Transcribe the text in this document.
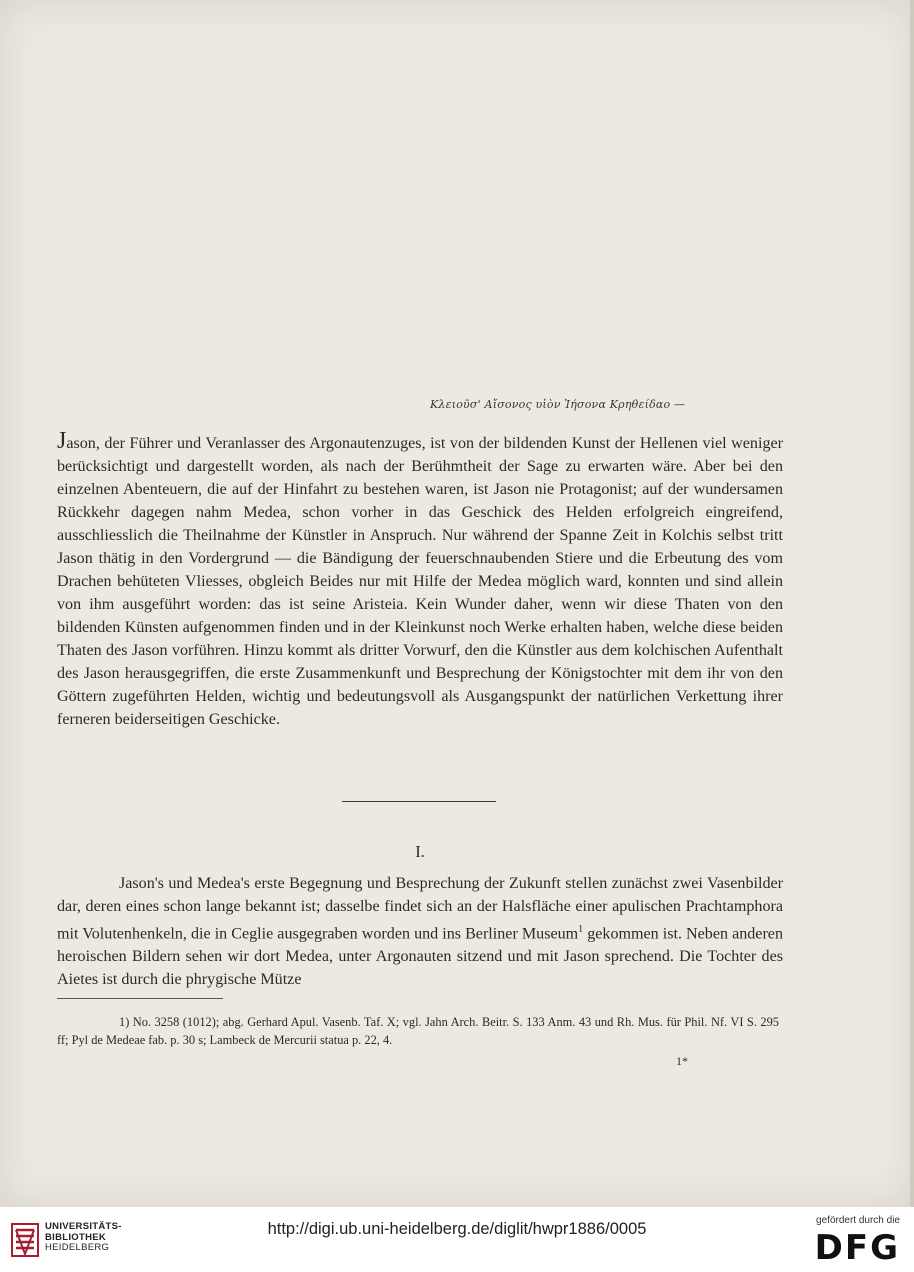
Κλειοῦσ' Αἴσονος υἱὸν Ἰήσονα Κρηθείδαο —
Jason, der Führer und Veranlasser des Argonautenzuges, ist von der bildenden Kunst der Hellenen viel weniger berücksichtigt und dargestellt worden, als nach der Berühmtheit der Sage zu erwarten wäre. Aber bei den einzelnen Abenteuern, die auf der Hinfahrt zu bestehen waren, ist Jason nie Protagonist; auf der wundersamen Rückkehr dagegen nahm Medea, schon vorher in das Geschick des Helden erfolgreich eingreifend, ausschliesslich die Theilnahme der Künstler in Anspruch. Nur während der Spanne Zeit in Kolchis selbst tritt Jason thätig in den Vordergrund — die Bändigung der feuerschnaubenden Stiere und die Erbeutung des vom Drachen behüteten Vliesses, obgleich Beides nur mit Hilfe der Medea möglich ward, konnten und sind allein von ihm ausgeführt worden: das ist seine Aristeia. Kein Wunder daher, wenn wir diese Thaten von den bildenden Künsten aufgenommen finden und in der Kleinkunst noch Werke erhalten haben, welche diese beiden Thaten des Jason vorführen. Hinzu kommt als dritter Vorwurf, den die Künstler aus dem kolchischen Aufenthalt des Jason herausgegriffen, die erste Zusammenkunft und Besprechung der Königstochter mit dem ihr von den Göttern zugeführten Helden, wichtig und bedeutungsvoll als Ausgangspunkt der natürlichen Verkettung ihrer ferneren beiderseitigen Geschicke.
I.
Jason's und Medea's erste Begegnung und Besprechung der Zukunft stellen zunächst zwei Vasenbilder dar, deren eines schon lange bekannt ist; dasselbe findet sich an der Halsfläche einer apulischen Prachtamphora mit Volutenhenkeln, die in Ceglie ausgegraben worden und ins Berliner Museum$^1$ gekommen ist. Neben anderen heroischen Bildern sehen wir dort Medea, unter Argonauten sitzend und mit Jason sprechend. Die Tochter des Aietes ist durch die phrygische Mütze
1) No. 3258 (1012); abg. Gerhard Apul. Vasenb. Taf. X; vgl. Jahn Arch. Beitr. S. 133 Anm. 43 und Rh. Mus. für Phil. Nf. VI S. 295 ff; Pyl de Medeae fab. p. 30 s; Lambeck de Mercurii statua p. 22, 4.
1*
UNIVERSITÄTS-
BIBLIOTHEK
HEIDELBERG
http://digi.ub.uni-heidelberg.de/diglit/hwpr1886/0005	gefördert durch die
DFG
